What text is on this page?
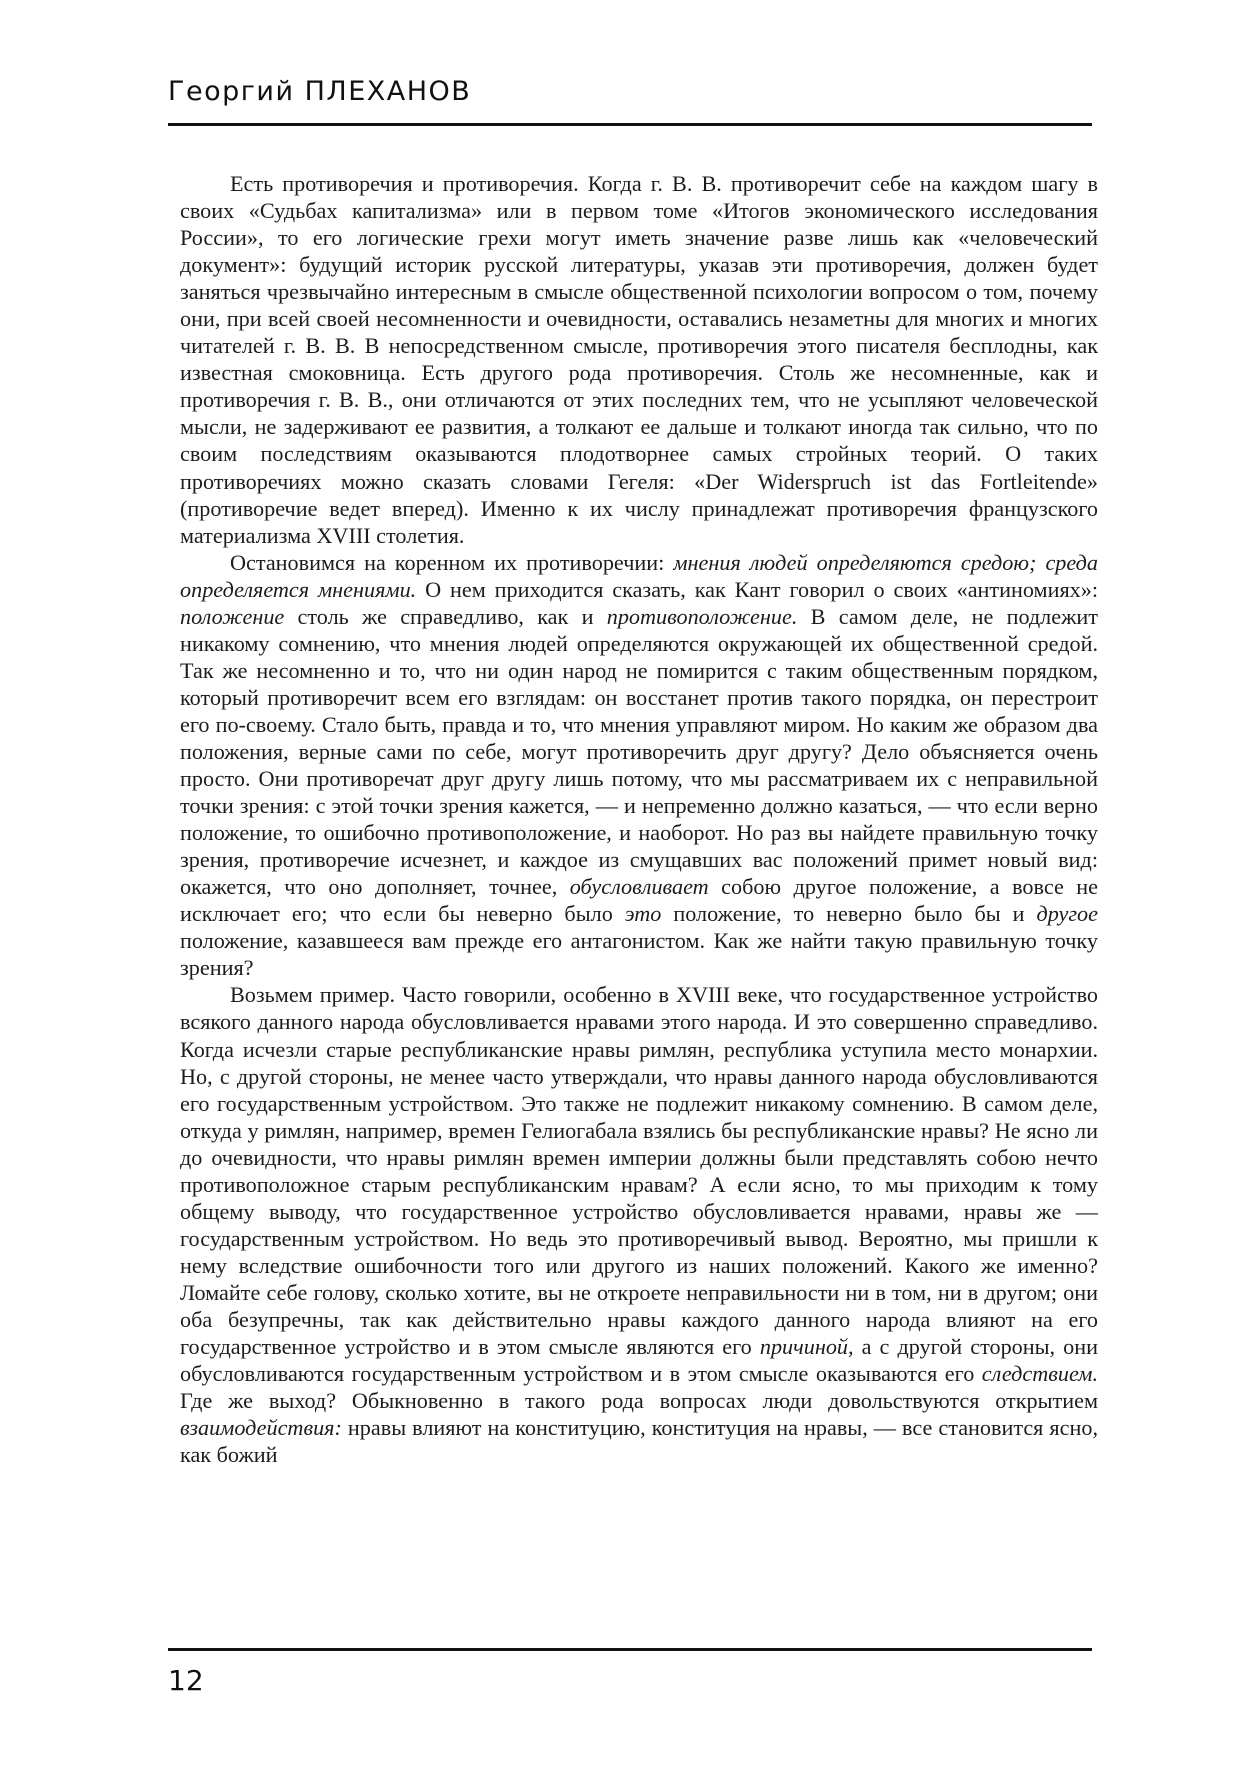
Георгий ПЛЕХАНОВ

Есть противоречия и противоречия. Когда г. В. В. противоречит себе на каждом шагу в своих «Судьбах капитализма» или в первом томе «Итогов экономического исследования России», то его логические грехи могут иметь значение разве лишь как «человеческий документ»: будущий историк русской литературы, указав эти противоречия, должен будет заняться чрезвычайно интересным в смысле общественной психологии вопросом о том, почему они, при всей своей несомненности и очевидности, оставались незаметны для многих и многих читателей г. В. В. В непосредственном смысле, противоречия этого писателя бесплодны, как известная смоковница. Есть другого рода противоречия. Столь же несомненные, как и противоречия г. В. В., они отличаются от этих последних тем, что не усыпляют человеческой мысли, не задерживают ее развития, а толкают ее дальше и толкают иногда так сильно, что по своим последствиям оказываются плодотворнее самых стройных теорий. О таких противоречиях можно сказать словами Гегеля: «Der Widerspruch ist das Fortleitende» (противоречие ведет вперед). Именно к их числу принадлежат противоречия французского материализма XVIII столетия.

Остановимся на коренном их противоречии: мнения людей определяются средою; среда определяется мнениями. О нем приходится сказать, как Кант говорил о своих «антиномиях»: положение столь же справедливо, как и противоположение. В самом деле, не подлежит никакому сомнению, что мнения людей определяются окружающей их общественной средой. Так же несомненно и то, что ни один народ не помирится с таким общественным порядком, который противоречит всем его взглядам: он восстанет против такого порядка, он перестроит его по-своему. Стало быть, правда и то, что мнения управляют миром. Но каким же образом два положения, верные сами по себе, могут противоречить друг другу? Дело объясняется очень просто. Они противоречат друг другу лишь потому, что мы рассматриваем их с неправильной точки зрения: с этой точки зрения кажется, — и непременно должно казаться, — что если верно положение, то ошибочно противоположение, и наоборот. Но раз вы найдете правильную точку зрения, противоречие исчезнет, и каждое из смущавших вас положений примет новый вид: окажется, что оно дополняет, точнее, обусловливает собою другое положение, а вовсе не исключает его; что если бы неверно было это положение, то неверно было бы и другое положение, казавшееся вам прежде его антагонистом. Как же найти такую правильную точку зрения?

Возьмем пример. Часто говорили, особенно в XVIII веке, что государственное устройство всякого данного народа обусловливается нравами этого народа. И это совершенно справедливо. Когда исчезли старые республиканские нравы римлян, республика уступила место монархии. Но, с другой стороны, не менее часто утверждали, что нравы данного народа обусловливаются его государственным устройством. Это также не подлежит никакому сомнению. В самом деле, откуда у римлян, например, времен Гелиогабала взялись бы республиканские нравы? Не ясно ли до очевидности, что нравы римлян времен империи должны были представлять собою нечто противоположное старым республиканским нравам? А если ясно, то мы приходим к тому общему выводу, что государственное устройство обусловливается нравами, нравы же — государственным устройством. Но ведь это противоречивый вывод. Вероятно, мы пришли к нему вследствие ошибочности того или другого из наших положений. Какого же именно? Ломайте себе голову, сколько хотите, вы не откроете неправильности ни в том, ни в другом; они оба безупречны, так как действительно нравы каждого данного народа влияют на его государственное устройство и в этом смысле являются его причиной, а с другой стороны, они обусловливаются государственным устройством и в этом смысле оказываются его следствием. Где же выход? Обыкновенно в такого рода вопросах люди довольствуются открытием взаимодействия: нравы влияют на конституцию, конституция на нравы, — все становится ясно, как божий

12
